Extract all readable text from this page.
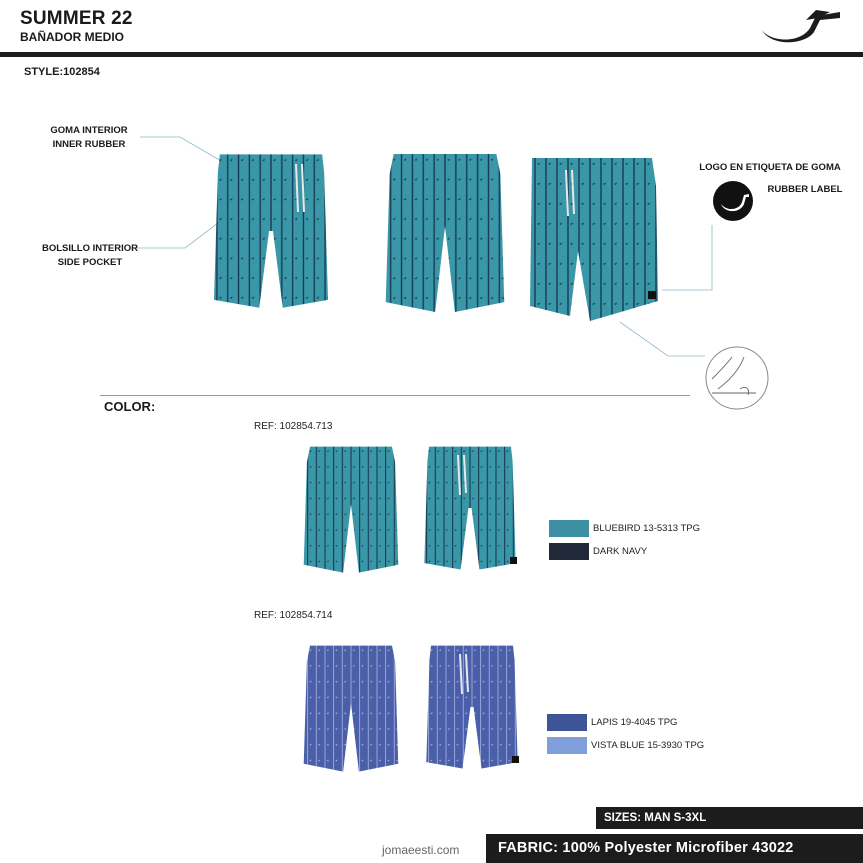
SUMMER 22
BAÑADOR MEDIO
STYLE:102854
GOMA INTERIOR
INNER RUBBER
BOLSILLO INTERIOR
SIDE POCKET
LOGO EN ETIQUETA DE GOMA
RUBBER LABEL
COLOR:
REF: 102854.713
BLUEBIRD 13-5313 TPG
DARK NAVY
REF: 102854.714
LAPIS 19-4045 TPG
VISTA BLUE 15-3930 TPG
SIZES: MAN S-3XL
jomaeesti.com	FABRIC: 100% Polyester Microfiber 43022
